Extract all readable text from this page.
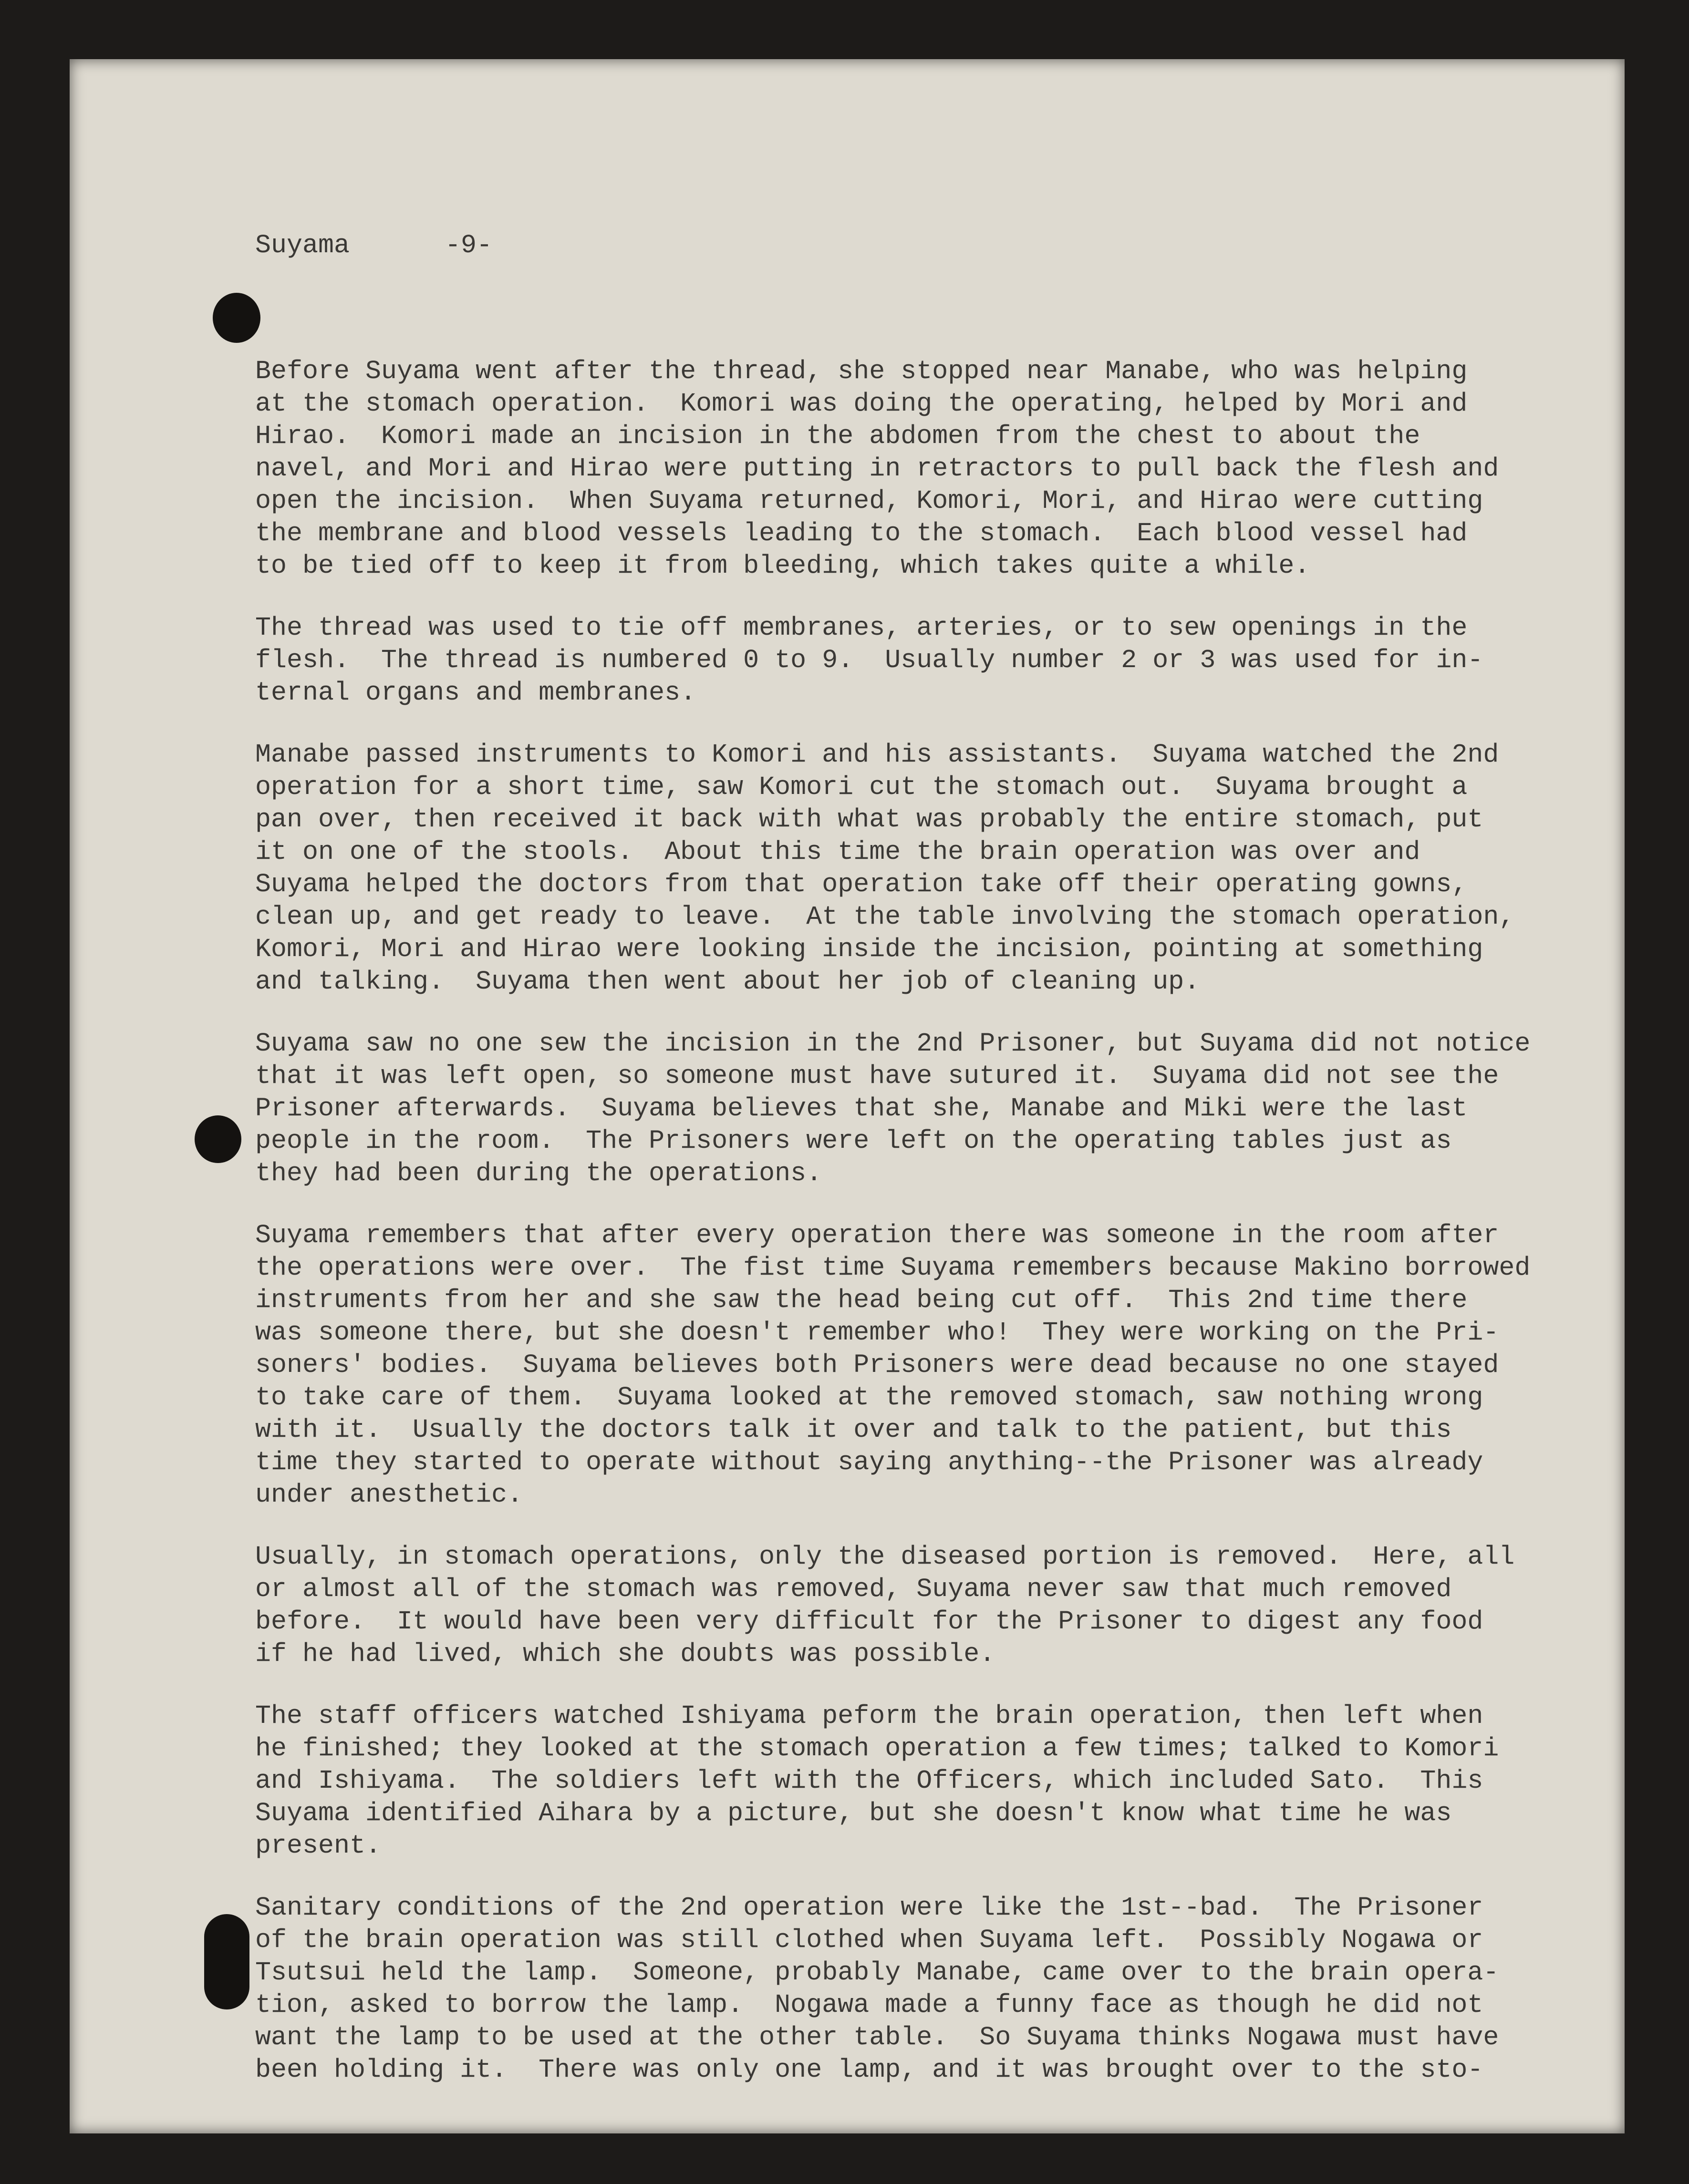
Suyama	-9-

Before Suyama went after the thread, she stopped near Manabe, who was helping
at the stomach operation.  Komori was doing the operating, helped by Mori and
Hirao.  Komori made an incision in the abdomen from the chest to about the
navel, and Mori and Hirao were putting in retractors to pull back the flesh and
open the incision.  When Suyama returned, Komori, Mori, and Hirao were cutting
the membrane and blood vessels leading to the stomach.  Each blood vessel had
to be tied off to keep it from bleeding, which takes quite a while.
The thread was used to tie off membranes, arteries, or to sew openings in the
flesh.  The thread is numbered 0 to 9.  Usually number 2 or 3 was used for in-
ternal organs and membranes.
Manabe passed instruments to Komori and his assistants.  Suyama watched the 2nd
operation for a short time, saw Komori cut the stomach out.  Suyama brought a
pan over, then received it back with what was probably the entire stomach, put
it on one of the stools.  About this time the brain operation was over and
Suyama helped the doctors from that operation take off their operating gowns,
clean up, and get ready to leave.  At the table involving the stomach operation,
Komori, Mori and Hirao were looking inside the incision, pointing at something
and talking.  Suyama then went about her job of cleaning up.
Suyama saw no one sew the incision in the 2nd Prisoner, but Suyama did not notice
that it was left open, so someone must have sutured it.  Suyama did not see the
Prisoner afterwards.  Suyama believes that she, Manabe and Miki were the last
people in the room.  The Prisoners were left on the operating tables just as
they had been during the operations.
Suyama remembers that after every operation there was someone in the room after
the operations were over.  The fist time Suyama remembers because Makino borrowed
instruments from her and she saw the head being cut off.  This 2nd time there
was someone there, but she doesn't remember who!  They were working on the Pri-
soners' bodies.  Suyama believes both Prisoners were dead because no one stayed
to take care of them.  Suyama looked at the removed stomach, saw nothing wrong
with it.  Usually the doctors talk it over and talk to the patient, but this
time they started to operate without saying anything--the Prisoner was already
under anesthetic.
Usually, in stomach operations, only the diseased portion is removed.  Here, all
or almost all of the stomach was removed, Suyama never saw that much removed
before.  It would have been very difficult for the Prisoner to digest any food
if he had lived, which she doubts was possible.
The staff officers watched Ishiyama peform the brain operation, then left when
he finished; they looked at the stomach operation a few times; talked to Komori
and Ishiyama.  The soldiers left with the Officers, which included Sato.  This
Suyama identified Aihara by a picture, but she doesn't know what time he was
present.
Sanitary conditions of the 2nd operation were like the 1st--bad.  The Prisoner
of the brain operation was still clothed when Suyama left.  Possibly Nogawa or
Tsutsui held the lamp.  Someone, probably Manabe, came over to the brain opera-
tion, asked to borrow the lamp.  Nogawa made a funny face as though he did not
want the lamp to be used at the other table.  So Suyama thinks Nogawa must have
been holding it.  There was only one lamp, and it was brought over to the sto-
